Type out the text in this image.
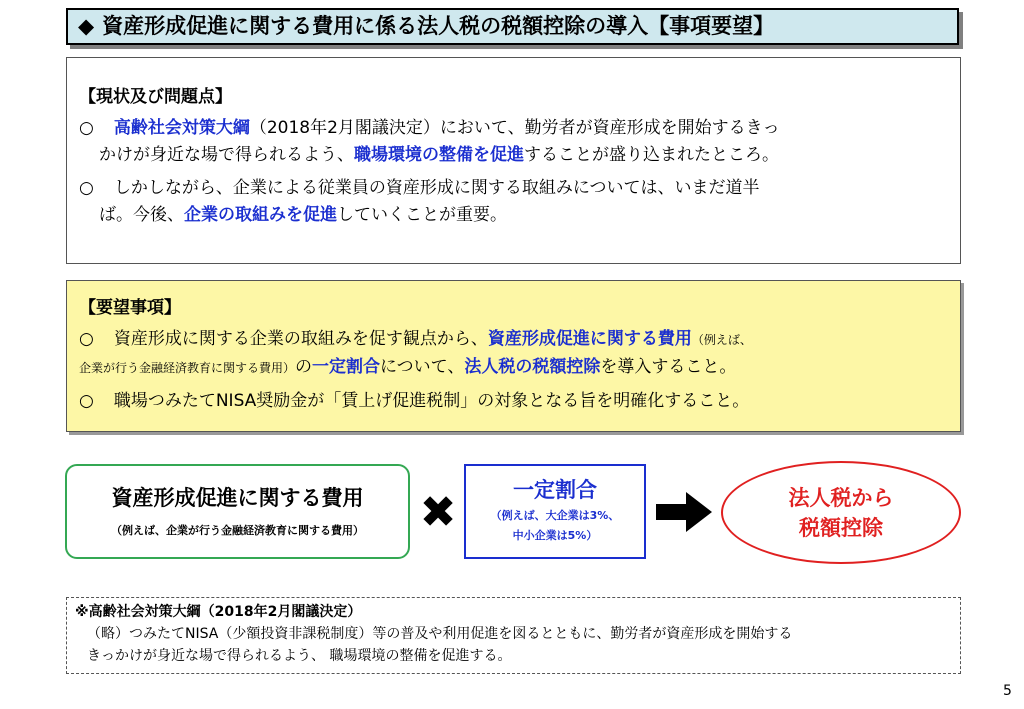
◆ 資産形成促進に関する費用に係る法人税の税額控除の導入【事項要望】
【現状及び問題点】
○ 高齢社会対策大綱（2018年2月閣議決定）において、勤労者が資産形成を開始するきっ
かけが身近な場で得られるよう、職場環境の整備を促進することが盛り込まれたところ。
○ しかしながら、企業による従業員の資産形成に関する取組みについては、いまだ道半
ば。今後、企業の取組みを促進していくことが重要。
【要望事項】
○ 資産形成に関する企業の取組みを促す観点から、資産形成促進に関する費用（例えば、
企業が行う金融経済教育に関する費用）の一定割合について、法人税の税額控除を導入すること。
○ 職場つみたてNISA奨励金が「賃上げ促進税制」の対象となる旨を明確化すること。
資産形成促進に関する費用
（例えば、企業が行う金融経済教育に関する費用）	✖	一定割合
（例えば、大企業は3%、
中小企業は5%）
法人税から
税額控除
※高齢社会対策大綱（2018年2月閣議決定）
（略）つみたてNISA（少額投資非課税制度）等の普及や利用促進を図るとともに、勤労者が資産形成を開始する
きっかけが身近な場で得られるよう、 職場環境の整備を促進する。
5
